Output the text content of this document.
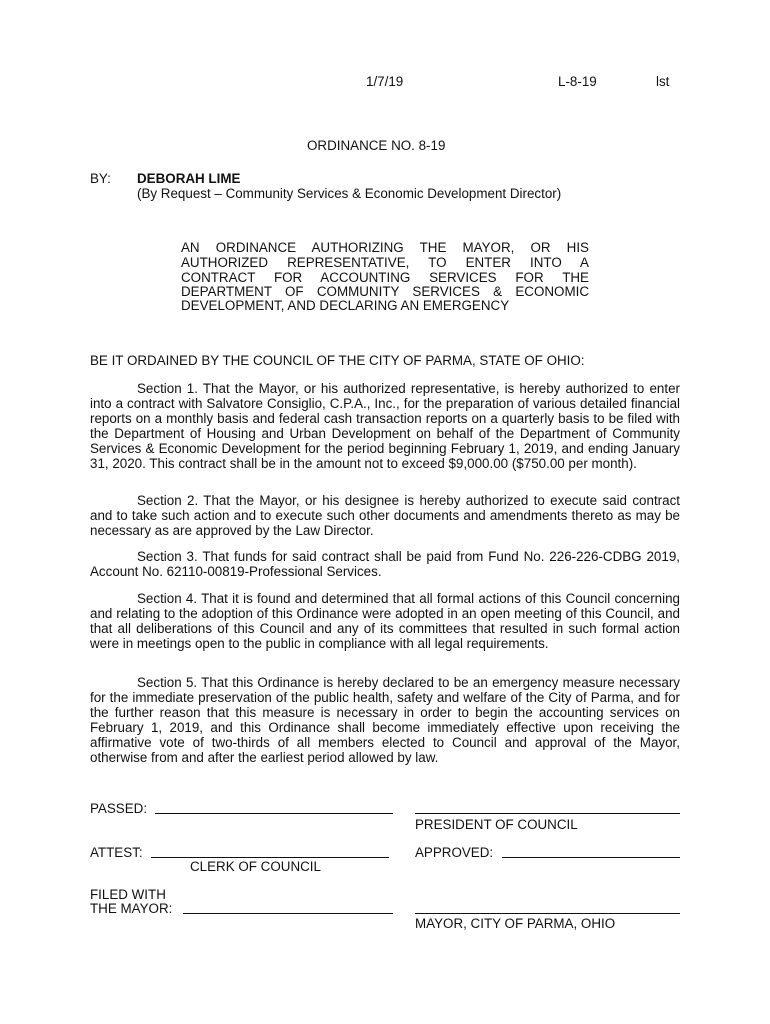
1/7/19	L-8-19	lst
ORDINANCE NO. 8-19
BY: DEBORAH LIME
(By Request – Community Services & Economic Development Director)
AN ORDINANCE AUTHORIZING THE MAYOR, OR HIS
AUTHORIZED REPRESENTATIVE, TO ENTER INTO A
CONTRACT FOR ACCOUNTING SERVICES FOR THE
DEPARTMENT OF COMMUNITY SERVICES & ECONOMIC
DEVELOPMENT, AND DECLARING AN EMERGENCY
BE IT ORDAINED BY THE COUNCIL OF THE CITY OF PARMA, STATE OF OHIO:
Section 1. That the Mayor, or his authorized representative, is hereby authorized to enter into a contract with Salvatore Consiglio, C.P.A., Inc., for the preparation of various detailed financial reports on a monthly basis and federal cash transaction reports on a quarterly basis to be filed with the Department of Housing and Urban Development on behalf of the Department of Community Services & Economic Development for the period beginning February 1, 2019, and ending January 31, 2020. This contract shall be in the amount not to exceed $9,000.00 ($750.00 per month).
Section 2. That the Mayor, or his designee is hereby authorized to execute said contract and to take such action and to execute such other documents and amendments thereto as may be necessary as are approved by the Law Director.
Section 3. That funds for said contract shall be paid from Fund No. 226-226-CDBG 2019, Account No. 62110-00819-Professional Services.
Section 4. That it is found and determined that all formal actions of this Council concerning and relating to the adoption of this Ordinance were adopted in an open meeting of this Council, and that all deliberations of this Council and any of its committees that resulted in such formal action were in meetings open to the public in compliance with all legal requirements.
Section 5. That this Ordinance is hereby declared to be an emergency measure necessary for the immediate preservation of the public health, safety and welfare of the City of Parma, and for the further reason that this measure is necessary in order to begin the accounting services on February 1, 2019, and this Ordinance shall become immediately effective upon receiving the affirmative vote of two-thirds of all members elected to Council and approval of the Mayor, otherwise from and after the earliest period allowed by law.
PASSED:
PRESIDENT OF COUNCIL
ATTEST:	APPROVED:
CLERK OF COUNCIL
FILED WITH
THE MAYOR:
MAYOR, CITY OF PARMA, OHIO
